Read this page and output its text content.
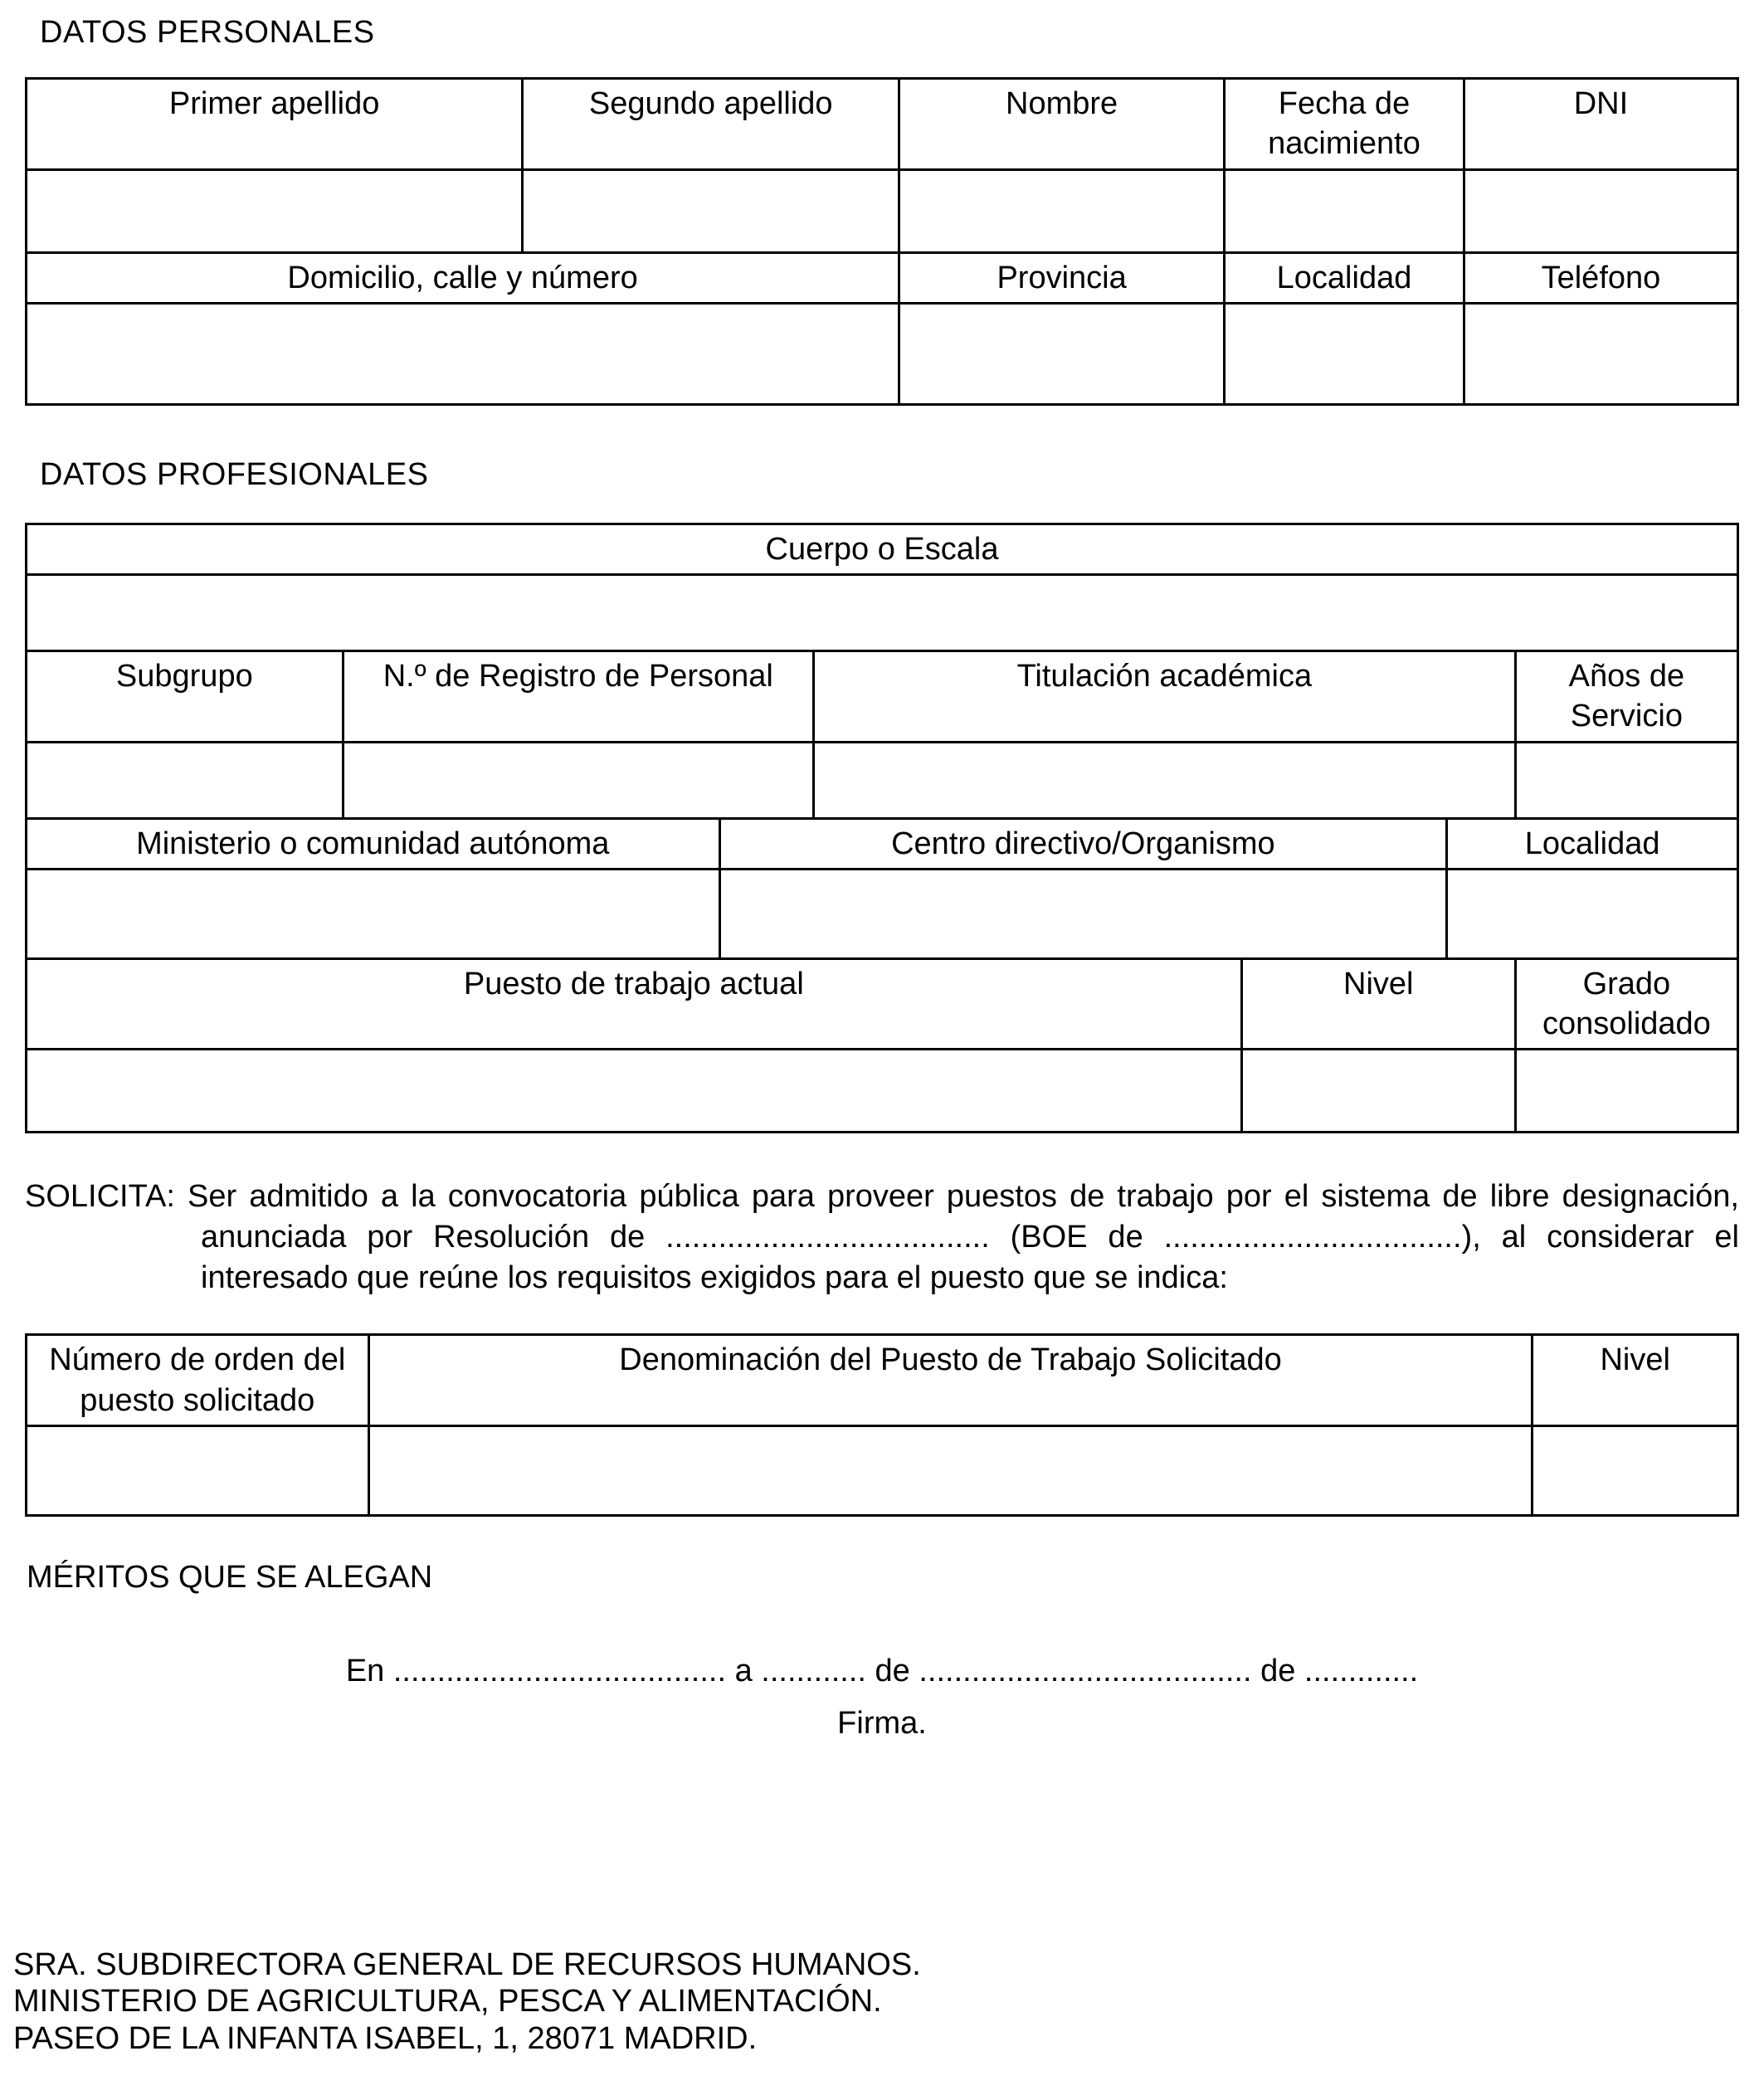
DATOS PERSONALES
Primer apellido	Segundo apellido	Nombre	Fecha de nacimiento	DNI

Domicilio, calle y número		Provincia	Localidad	Teléfono

DATOS PROFESIONALES
Cuerpo o Escala						

Subgrupo	N.º de Registro de Personal		Titulación académica			Años de Servicio

Ministerio o comunidad autónoma		Centro directivo/Organismo			Localidad	

Puesto de trabajo actual				Nivel		Grado consolidado

SOLICITA: Ser admitido a la convocatoria pública para proveer puestos de trabajo por el sistema de libre designación, anunciada por Resolución de ..................................... (BOE de ..................................), al considerar el interesado que reúne los requisitos exigidos para el puesto que se indica:

Número de orden del puesto solicitado	Denominación del Puesto de Trabajo Solicitado	Nivel

MÉRITOS QUE SE ALEGAN
En ...................................... a ............ de ...................................... de .............
Firma.
SRA. SUBDIRECTORA GENERAL DE RECURSOS HUMANOS.
MINISTERIO DE AGRICULTURA, PESCA Y ALIMENTACIÓN.
PASEO DE LA INFANTA ISABEL, 1, 28071 MADRID.
